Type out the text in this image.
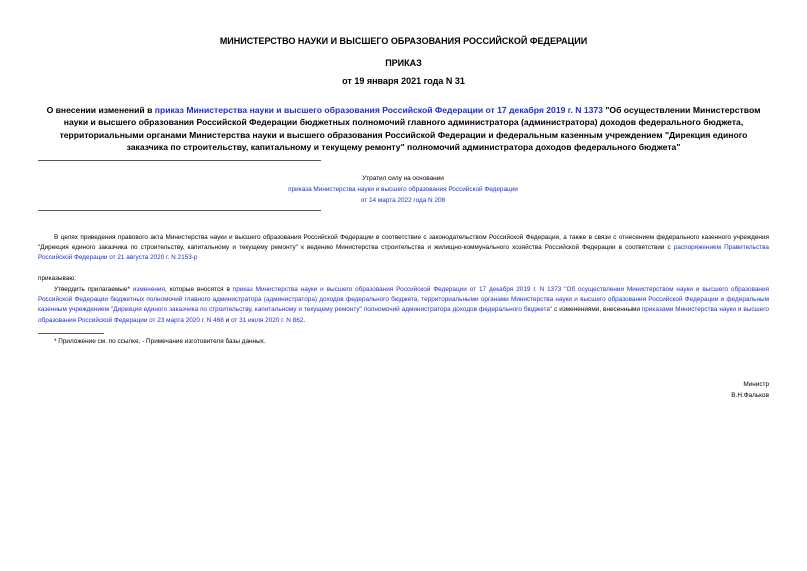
МИНИСТЕРСТВО НАУКИ И ВЫСШЕГО ОБРАЗОВАНИЯ РОССИЙСКОЙ ФЕДЕРАЦИИ
ПРИКАЗ
от 19 января 2021 года N 31
О внесении изменений в приказ Министерства науки и высшего образования Российской Федерации от 17 декабря 2019 г. N 1373 "Об осуществлении Министерством науки и высшего образования Российской Федерации бюджетных полномочий главного администратора (администратора) доходов федерального бюджета, территориальными органами Министерства науки и высшего образования Российской Федерации и федеральным казенным учреждением "Дирекция единого заказчика по строительству, капитальному и текущему ремонту" полномочий администратора доходов федерального бюджета"
Утратил силу на основании
приказа Министерства науки и высшего образования Российской Федерации
от 14 марта 2022 года N 208
В целях приведения правового акта Министерства науки и высшего образования Российской Федерации в соответствие с законодательством Российской Федерации, а также в связи с отнесением федерального казенного учреждения "Дирекция единого заказчика по строительству, капитальному и текущему ремонту" к ведению Министерства строительства и жилищно-коммунального хозяйства Российской Федерации в соответствии с распоряжением Правительства Российской Федерации от 21 августа 2020 г. N 2153-р
приказываю:
Утвердить прилагаемые* изменения, которые вносятся в приказ Министерства науки и высшего образования Российской Федерации от 17 декабря 2019 г. N 1373 "Об осуществлении Министерством науки и высшего образования Российской Федерации бюджетных полномочий главного администратора (администратора) доходов федерального бюджета, территориальными органами Министерства науки и высшего образования Российской Федерации и федеральным казенным учреждением "Дирекция единого заказчика по строительству, капитальному и текущему ремонту" полномочий администратора доходов федерального бюджета" с изменениями, внесенными приказами Министерства науки и высшего образования Российской Федерации от 23 марта 2020 г. N 468 и от 31 июля 2020 г. N 862.
* Приложение см. по ссылке. - Примечание изготовителя базы данных.
Министр
В.Н.Фальков
